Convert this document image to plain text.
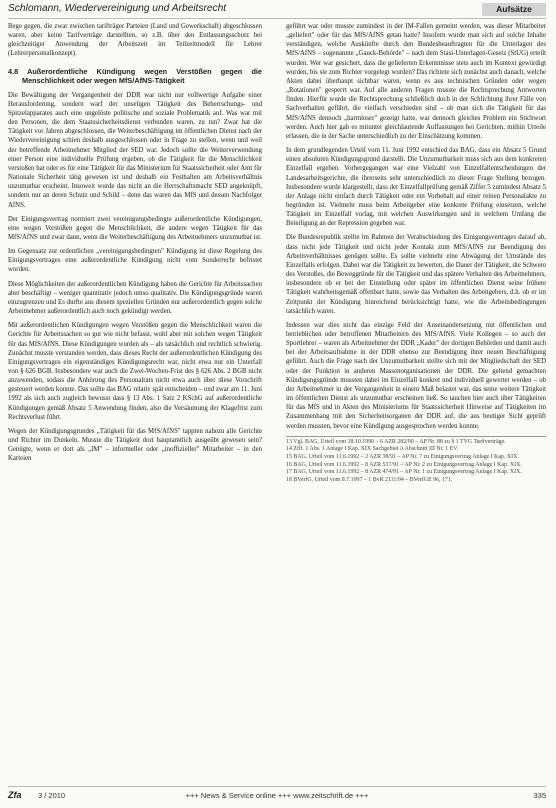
Schlomann, Wiedervereinigung und Arbeitsrecht	Aufsätze

Bege gegen, die zwar zwischen tarifträger Parteien (Land und Gewerkschaft) abgeschlossen waren, aber keine Tarifverträge darstellten, so z.B. über den Entlassungsschutz bei gleichzeitiger Anwendung der Arbeitszeit im Teilzeitmodell für Lehrer (Lehrerpersonalkonzept).

4.8 Außerordentliche Kündigung wegen Verstößen gegen die Menschlichkeit oder wegen MfS/AfNS-Tätigkeit

Die Bewältigung der Vergangenheit der DDR war nicht nur vollwertige Aufgabe einer Herausforderung, sondern warf der unseligen Tätigkeit des Beherrschungs- und Spitzelapparates auch eine ungelöste politische und soziale Problematik auf. Was war mit den Personen, die dem Staatssicherheitsdienst verbunden waren, zu tun? Zwar hat die Tätigkeit vor Jahren abgeschlossen, die Weiterbeschäftigung im öffentlichen Dienst nach der Wiedervereinigung schien deshalb ausgeschlossen oder in Frage zu stellen, wenn und weil der betreffende Arbeitnehmer Mitglied der SED war. Jedoch sollte die Weiterverwendung einer Person eine individuelle Prüfung ergeben, ob die Tätigkeit für die Menschlichkeit verstoßen hat oder es für eine Tätigkeit für das Ministerium für Staatssicherheit oder Amt für Nationale Sicherheit tätig gewesen ist und deshalb ein Festhalten am Arbeitsverhältnis unzumutbar erscheint. Insoweit wurde das nicht an die Herrschaftsmacht SED angeknüpft, sondern nur an deren Schutz und Schild – denn das waren das MfS und dessen Nachfolger AfNS.

Der Einigungsvertrag normiert zwei vereinigungsbedingte außerordentliche Kündigungen, eine wegen Verstößen gegen die Menschlichkeit, die andere wegen Tätigkeit für das MfS/AfNS und zwar dann, wenn die Weiterbeschäftigung des Arbeitnehmers unzumutbar ist.

Im Gegensatz zur ordentlichen „vereinigungsbedingten" Kündigung ist diese Regelung des Einigungsvertrages eine außerordentliche Kündigung nicht vom Sonderrecht befristet worden.

Diese Möglichkeiten der außerordentlichen Kündigung haben die Gerichte für Arbeitssachen aber beschäftigt – weniger quantitativ jedoch umso qualitativ. Die Kündigungsgründe waren einzugrenzen und Es durfte aus diesem speziellen Gründen nur außerordentlich gegen solche Arbeitnehmer außerordentlich auch noch gekündigt werden.

Mit außerordentlichen Kündigungen wegen Verstößen gegen die Menschlichkeit waren die Gerichte für Arbeitssachen so gut wie nicht befasst, wohl aber mit solchen wegen Tätigkeit für das MfS/AfNS. Diese Kündigungen wurden als – als tatsächlich und rechtlich schwierig. Zunächst musste verstanden werden, dass dieses Recht der außerordentlichen Kündigung des Einigungsvertrages ein eigenständiges Kündigungsrecht war, nicht etwa nur ein Unterfall von § 626 BGB. Insbesondere war auch die Zwei-Wochen-Frist des § 626 Abs. 2 BGB nicht anzuwenden, sodass die Anhörung des Personalrats nicht etwa auch über diese Vorschrift gesteuert werden konnte. Das sollte das BAG relativ spät entscheiden – und zwar am 11. Juni 1992 als sich auch zugleich bewusst dass § 13 Abs. 1 Satz 2 KSchG auf außerordentliche Kündigungen gemäß Absatz 5 Anwendung finden, also die Versäumung der Klagefrist zum Rechtsverlust führt.

Wegen der Kündigungsgrundes „Tätigkeit für das MfS/AfNS" tappten nahezu alle Gerichte und Richter im Dunkeln. Musste die Tätigkeit dort hauptamtlich ausgeübt gewesen sein? Genügte, wenn er dort als „IM" – informeller oder „inoffizieller" Mitarbeiter – in den Karteien

geführt war oder musste zumindest in der IM-Fallen gemeint werden, was dieser Mitarbeiter „geliefert" oder für das MfS/AfNS getan hatte? Insofern wurde man sich auf solche Inhalte verständigen, welche Auskünfte durch den Bundesbeauftragten für die Unterlagen des MfS/AfNS – sogenannte „Gauck-Behörde" – nach dem Stasi-Unterlagen-Gesetz (StUG) erteilt wurden. Wer war gesichert, dass die gelieferten Erkenntnisse stets auch im Kontext gewürdigt wurden, bis sie zum Richter vorgelegt wurden? Das richtete sich zunächst auch danach, welche Akten dabei überhaupt sichtbar waren, wenn es aus technischen Gründen oder wegen „Rotationen" gesperrt war. Auf alle anderen Fragen musste die Rechtsprechung Antworten finden. Hierfür wurde die Rechtsprechung schließlich doch in der Schlichtung ihrer Fälle von Sachverhalten geführt, die vielfach verschieden sind – ob man sich die Tätigkeit für das MfS/AfNS dennoch „harmloser" gezeigt hatte, war dennoch gleiches Problem ein Stichwort werden. Auch hier gab es mitunter gleichlautende Auffassungen bei Gerichten, mithin Urteile erlassen, die in der Sache unterschiedlich zu der Einschätzung kommen.

In dem grundlegenden Urteil vom 11. Juni 1992 entschied das BAG, dass ein Absatz 5 Grund einen absoluten Kündigungsgrund darstellt. Die Unzumutbarkeit muss sich aus dem konkreten Einzelfall ergeben. Vorhergegangen war eine Vielzahl von Einzelfallentscheidungen der Landesarbeitsgerichte, die ihrerseits sehr unterschiedlich zu dieser Frage Stellung bezogen. Insbesondere wurde klargestellt, dass der Einzelfallprüfung gemäß Ziffer 5 zumindest Absatz 5 der Anlage nicht einfach durch Tätigkeit oder ein Vorbehalt auf einer reinen Personalakte zu begründen ist. Vielmehr muss beim Arbeitgeber eine konkrete Prüfung einsetzen, welche Tätigkeit im Einzelfall vorlag, mit welchen Auswirkungen und in welchem Umfang die Beteiligung an der Repression gegeben war.

Die Bundesrepublik stellte im Rahmen der Verabschiedung des Einigungsvertrages darauf ab, dass nicht jede Tätigkeit und nicht jeder Kontakt zum MfS/AfNS zur Beendigung des Arbeitsverhältnisses genügen sollte. Es sollte vielmehr eine Abwägung der Umstände des Einzelfalls erfolgen. Dabei war die Tätigkeit zu bewerten, die Dauer der Tätigkeit, die Schwere des Verstoßes, die Beweggründe für die Tätigkeit und das spätere Verhalten des Arbeitnehmers, insbesondere ob er bei der Einstellung oder später im öffentlichen Dienst seine frühere Tätigkeit wahrheitsgemäß offenbart hatte, sowie das Verhalten des Arbeitgebers, d.h. ob er im Zeitpunkt der Kündigung hinreichend berücksichtigt hatte, wie die Arbeitsbedingungen tatsächlich waren.

Indessen war dies nicht das einzige Feld der Auseinandersetzung mit öffentlichen und betrieblichen oder betroffenen Mitarbeitern des MfS/AfNS. Viele Kollegen – so auch der Sportlehrer – waren als Arbeitnehmer der DDR „Kader" der dortigen Behörden und damit auch bei der Arbeitsaufnahme in der DDR ebenso zur Beendigung ihrer neuen Beschäftigung geführt. Auch die Frage nach der Unzumutbarkeit stellte sich mit der Mitgliedschaft der SED oder der Funktion in anderen Massenorganisationen der DDR. Die geltend gemachten Kündigungsgründe mussten dabei im Einzelfall konkret und individuell gewertet werden – ob der Arbeitnehmer in der Vergangenheit in einem Maß belastet war, das seine weitere Tätigkeit im öffentlichen Dienst als unzumutbar erscheinen ließ. So tauchen hier auch über Tätigkeiten für das MfS und in Akten des Ministeriums für Staatssicherheit Hinweise auf Tätigkeiten im Zusammenhang mit den Sicherheitsorganen der DDR auf, die aus heutiger Sicht geprüft werden mussten, bevor eine Kündigung ausgesprochen werden konnte.

13 Vgl. BAG, Urteil vom 18.10.1990 – 6 AZR 282/90 – AP Nr. 88 zu § 1 TVG Tarifverträge.
14 Ziff. 1 Abs. 1 Anlage I Kap. XIX Sachgebiet A Abschnitt III Nr. 1 EV.
15 BAG, Urteil vom 11.6.1992 – 2 AZR 38/91 – AP Nr. 7 zu Einigungsvertrag Anlage I Kap. XIX.
16 BAG, Urteil vom 11.6.1992 – 8 AZR 537/91 – AP Nr. 2 zu Einigungsvertrag Anlage I Kap. XIX.
17 BAG, Urteil vom 11.6.1992 – 8 AZR 474/91 – AP Nr. 1 zu Einigungsvertrag Anlage I Kap. XIX.
18 BVerfG, Urteil vom 8.7.1997 – 1 BvR 2111/94 – BVerfGE 96, 171.
Zfa 3 / 2010	+++ News & Service online +++ www.zeitschrift.de +++	335
